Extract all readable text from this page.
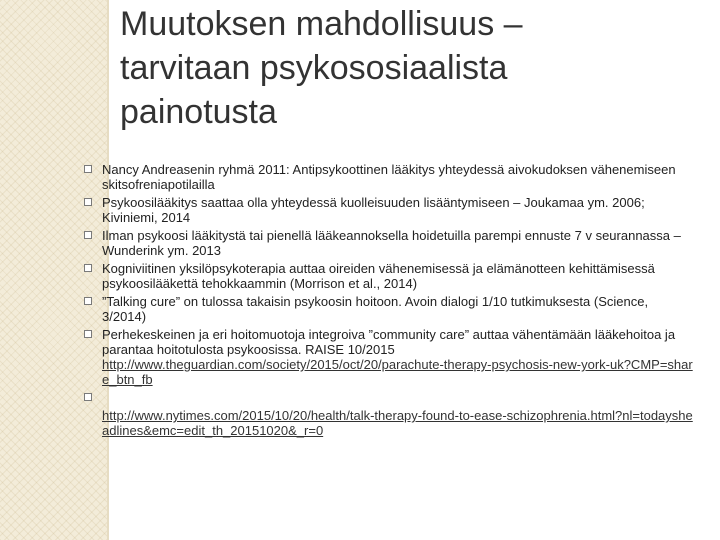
Muutoksen mahdollisuus –
tarvitaan psykososiaalista
painotusta
Nancy Andreasenin ryhmä 2011: Antipsykoottinen lääkitys yhteydessä aivokudoksen vähenemiseen skitsofreniapotilailla
Psykoosilääkitys saattaa olla yhteydessä kuolleisuuden lisääntymiseen – Joukamaa ym. 2006; Kiviniemi, 2014
Ilman psykoosi lääkitystä tai pienellä lääkeannoksella hoidetuilla parempi ennuste 7 v seurannassa – Wunderink ym. 2013
Kogniviitinen yksilöpsykoterapia auttaa oireiden vähenemisessä ja elämänotteen kehittämisessä psykoosilääkettä tehokkaammin (Morrison et al., 2014)
”Talking cure” on tulossa takaisin psykoosin hoitoon. Avoin dialogi 1/10 tutkimuksesta (Science, 3/2014)
Perhekeskeinen ja eri hoitomuotoja integroiva ”community care” auttaa vähentämään lääkehoitoa ja parantaa hoitotulosta psykoosissa. RAISE 10/2015
http://www.theguardian.com/society/2015/oct/20/parachute-therapy-psychosis-new-york-uk?CMP=share_btn_fb
http://www.nytimes.com/2015/10/20/health/talk-therapy-found-to-ease-schizophrenia.html?nl=todaysheadlines&emc=edit_th_20151020&_r=0
